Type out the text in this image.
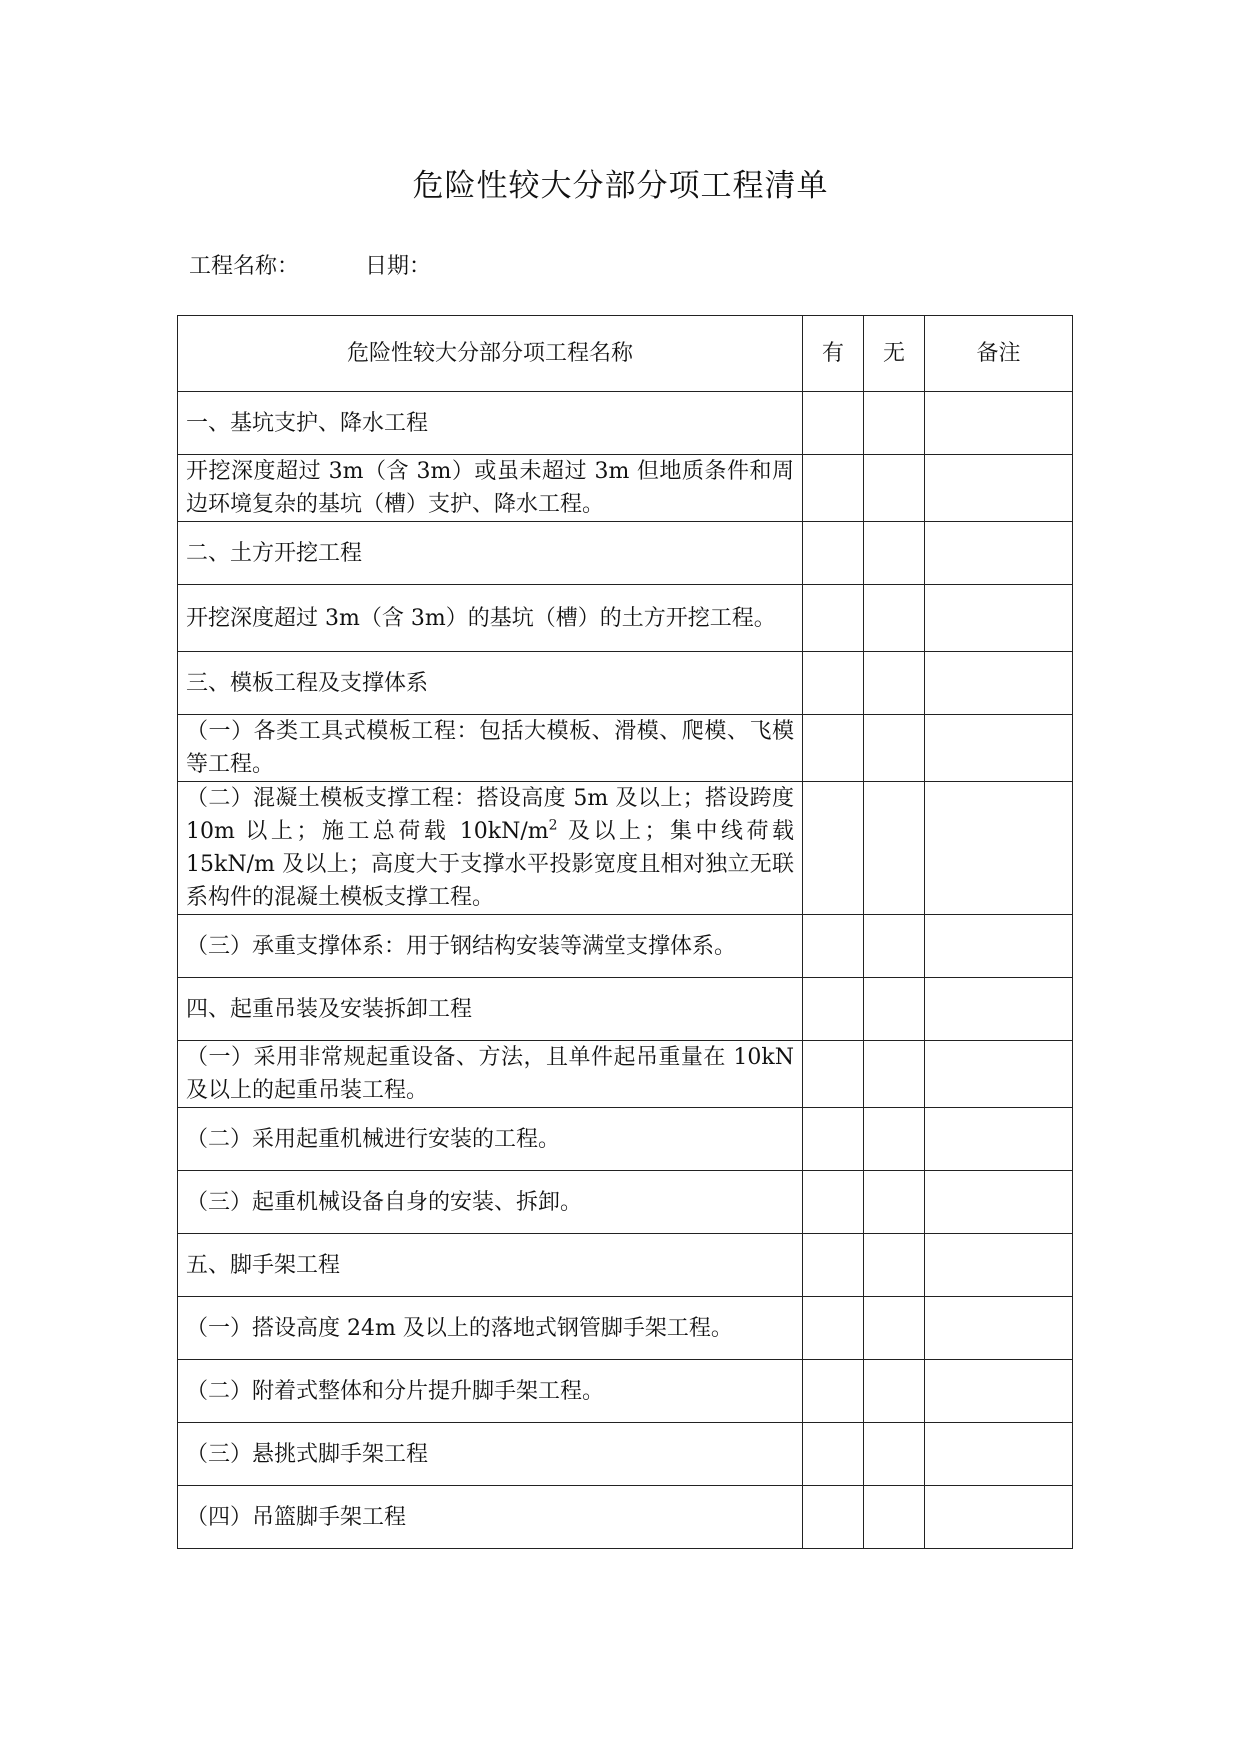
危险性较大分部分项工程清单
工程名称：	日期：
危险性较大分部分项工程名称	有	无	备注
一、基坑支护、降水工程			
开挖深度超过 3m（含 3m）或虽未超过 3m 但地质条件和周边环境复杂的基坑（槽）支护、降水工程。			
二、土方开挖工程			
开挖深度超过 3m（含 3m）的基坑（槽）的土方开挖工程。			
三、模板工程及支撑体系			
（一）各类工具式模板工程：包括大模板、滑模、爬模、飞模等工程。			
（二）混凝土模板支撑工程：搭设高度 5m 及以上；搭设跨度 10m 以上；施工总荷载 $10kN/m^2$ 及以上；集中线荷载 15kN/m 及以上；高度大于支撑水平投影宽度且相对独立无联系构件的混凝土模板支撑工程。			
（三）承重支撑体系：用于钢结构安装等满堂支撑体系。			
四、起重吊装及安装拆卸工程			
（一）采用非常规起重设备、方法，且单件起吊重量在 10kN 及以上的起重吊装工程。			
（二）采用起重机械进行安装的工程。			
（三）起重机械设备自身的安装、拆卸。			
五、脚手架工程			
（一）搭设高度 24m 及以上的落地式钢管脚手架工程。			
（二）附着式整体和分片提升脚手架工程。			
（三）悬挑式脚手架工程			
（四）吊篮脚手架工程			
